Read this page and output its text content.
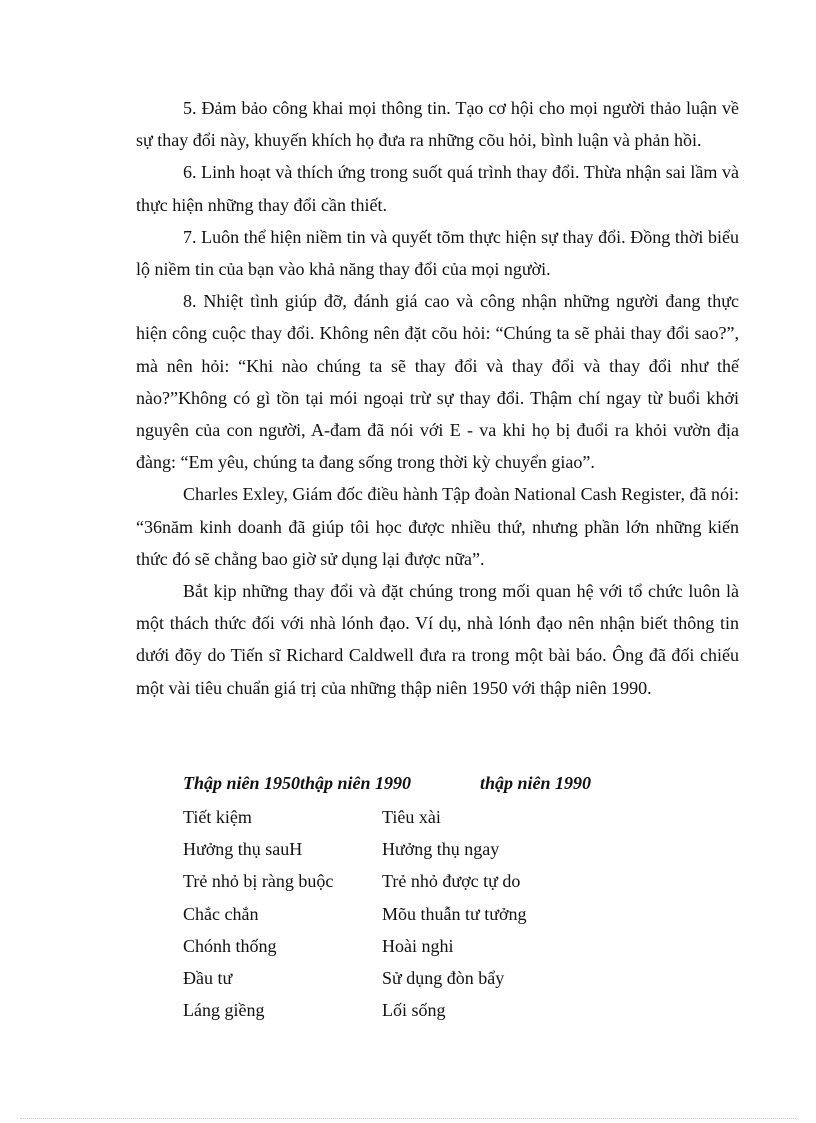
5. Đảm bảo công khai mọi thông tin. Tạo cơ hội cho mọi người thảo luận về sự thay đổi này, khuyến khích họ đưa ra những cõu hỏi, bình luận và phản hồi.

6. Linh hoạt và thích ứng trong suốt quá trình thay đổi. Thừa nhận sai lầm và thực hiện những thay đổi cần thiết.

7. Luôn thể hiện niềm tin và quyết tõm thực hiện sự thay đổi. Đồng thời biểu lộ niềm tin của bạn vào khả năng thay đổi của mọi người.

8. Nhiệt tình giúp đỡ, đánh giá cao và công nhận những người đang thực hiện công cuộc thay đổi. Không nên đặt cõu hỏi: “Chúng ta sẽ phải thay đổi sao?”, mà nên hỏi: “Khi nào chúng ta sẽ thay đổi và thay đổi và thay đổi như thế nào?”Không có gì tồn tại mói ngoại trừ sự thay đổi. Thậm chí ngay từ buổi khởi nguyên của con người, A-đam đã nói với E - va khi họ bị đuổi ra khỏi vườn địa đàng: “Em yêu, chúng ta đang sống trong thời kỳ chuyển giao”.

Charles Exley, Giám đốc điều hành Tập đoàn National Cash Register, đã nói: “36năm kinh doanh đã giúp tôi học được nhiều thứ, nhưng phần lớn những kiến thức đó sẽ chẳng bao giờ sử dụng lại được nữa”.

Bắt kịp những thay đổi và đặt chúng trong mối quan hệ với tổ chức luôn là một thách thức đối với nhà lónh đạo. Ví dụ, nhà lónh đạo nên nhận biết thông tin dưới đõy do Tiến sĩ Richard Caldwell đưa ra trong một bài báo. Ông đã đối chiếu một vài tiêu chuẩn giá trị của những thập niên 1950 với thập niên 1990.

Thập niên 1950thập niên 1990	thập niên 1990
Tiết kiệm	Tiêu xài
Hưởng thụ sauH	Hưởng thụ ngay
Trẻ nhỏ bị ràng buộc	Trẻ nhỏ được tự do
Chắc chắn	Mõu thuẫn tư tưởng
Chónh thống	Hoài nghi
Đầu tư	Sử dụng đòn bẩy
Láng giềng	Lối sống
